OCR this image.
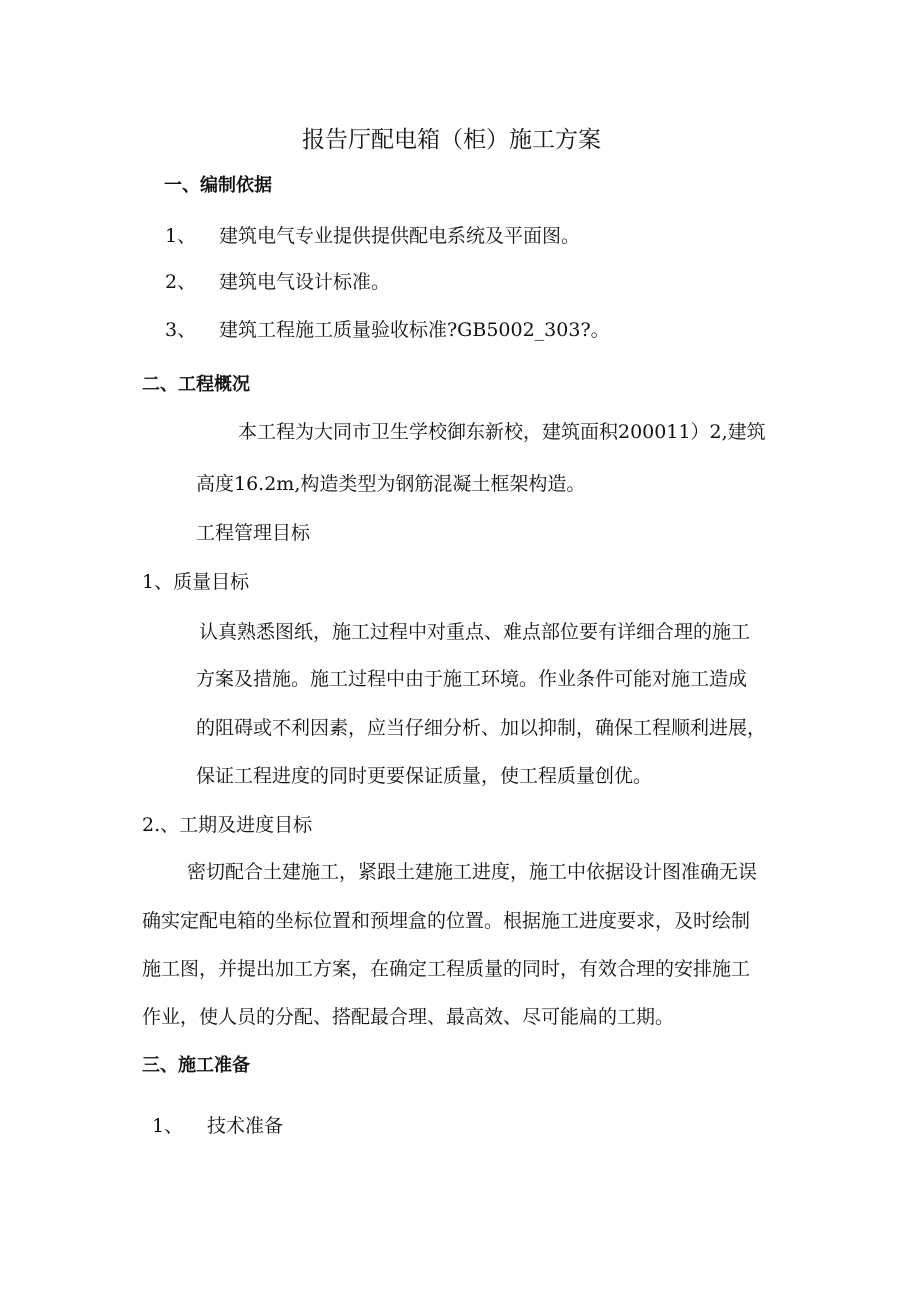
报告厅配电箱（柜）施工方案
一、编制依据
1、 建筑电气专业提供提供配电系统及平面图。
2、 建筑电气设计标准。
3、 建筑工程施工质量验收标准?GB5002_303?。
二、工程概况
本工程为大同市卫生学校御东新校，建筑面积200011）2,建筑
高度16.2m,构造类型为钢筋混凝土框架构造。
工程管理目标
1、质量目标
认真熟悉图纸，施工过程中对重点、难点部位要有详细合理的施工
方案及措施。施工过程中由于施工环境。作业条件可能对施工造成
的阻碍或不利因素，应当仔细分析、加以抑制，确保工程顺利进展，
保证工程进度的同时更要保证质量，使工程质量创优。
2.、工期及进度目标
密切配合土建施工，紧跟土建施工进度，施工中依据设计图准确无误
确实定配电箱的坐标位置和预埋盒的位置。根据施工进度要求，及时绘制
施工图，并提出加工方案，在确定工程质量的同时，有效合理的安排施工
作业，使人员的分配、搭配最合理、最高效、尽可能扁的工期。
三、施工准备
1、 技术准备
